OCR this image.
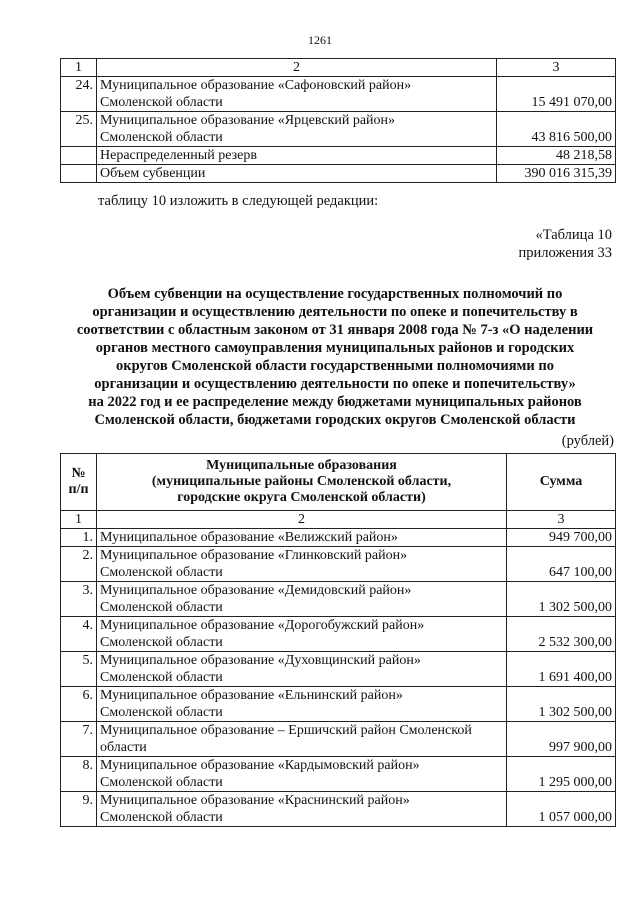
1261
1	2	3
24.	Муниципальное образование «Сафоновский район»
Смоленской области	15 491 070,00
25.	Муниципальное образование «Ярцевский район»
Смоленской области	43 816 500,00
	Нераспределенный резерв	48 218,58
	Объем субвенции	390 016 315,39
таблицу 10 изложить в следующей редакции:
«Таблица 10
приложения 33
Объем субвенции на осуществление государственных полномочий по
организации и осуществлению деятельности по опеке и попечительству в
соответствии с областным законом от 31 января 2008 года № 7-з «О наделении
органов местного самоуправления муниципальных районов и городских
округов Смоленской области государственными полномочиями по
организации и осуществлению деятельности по опеке и попечительству»
на 2022 год и ее распределение между бюджетами муниципальных районов
Смоленской области, бюджетами городских округов Смоленской области
(рублей)
№
п/п	Муниципальные образования
(муниципальные районы Смоленской области,
городские округа Смоленской области)	Сумма
1	2	3
1.	Муниципальное образование «Велижский район»	949 700,00
2.	Муниципальное образование «Глинковский район»
Смоленской области	647 100,00
3.	Муниципальное образование «Демидовский район»
Смоленской области	1 302 500,00
4.	Муниципальное образование «Дорогобужский район»
Смоленской области	2 532 300,00
5.	Муниципальное образование «Духовщинский район»
Смоленской области	1 691 400,00
6.	Муниципальное образование «Ельнинский район»
Смоленской области	1 302 500,00
7.	Муниципальное образование – Ершичский район Смоленской
области	997 900,00
8.	Муниципальное образование «Кардымовский район»
Смоленской области	1 295 000,00
9.	Муниципальное образование «Краснинский район»
Смоленской области	1 057 000,00
